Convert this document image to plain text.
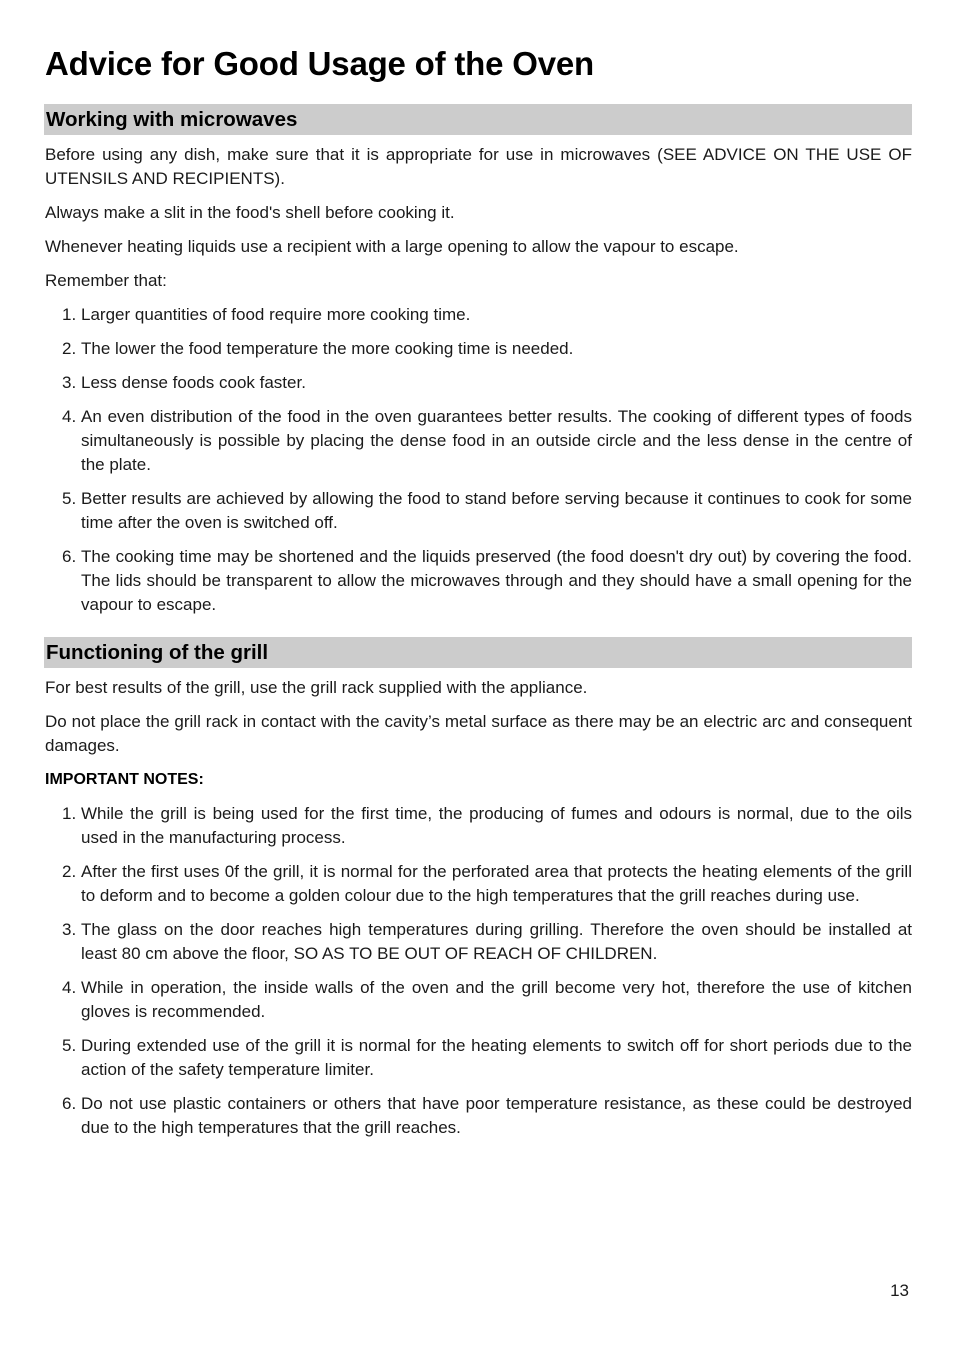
Advice for Good Usage of the Oven
Working with microwaves

Before using any dish, make sure that it is appropriate for use in microwaves (SEE ADVICE ON THE USE OF UTENSILS AND RECIPIENTS).

Always make a slit in the food's shell before cooking it.

Whenever heating liquids use a recipient with a large opening to allow the vapour to escape.

Remember that:

1. Larger quantities of food require more cooking time.
2. The lower the food temperature the more cooking time is needed.
3. Less dense foods cook faster.
4. An even distribution of the food in the oven guarantees better results. The cooking of different types of foods simultaneously is possible by placing the dense food in an outside circle and the less dense in the centre of the plate.
5. Better results are achieved by allowing the food to stand before serving because it continues to cook for some time after the oven is switched off.
6. The cooking time may be shortened and the liquids preserved (the food doesn't dry out) by covering the food. The lids should be transparent to allow the microwaves through and they should have a small opening for the vapour to escape.
Functioning of the grill

For best results of the grill, use the grill rack supplied with the appliance.

Do not place the grill rack in contact with the cavity’s metal surface as there may be an electric arc and consequent damages.

IMPORTANT NOTES:
1. While the grill is being used for the first time, the producing of fumes and odours is normal, due to the oils used in the manufacturing process.
2. After the first uses 0f the grill, it is normal for the perforated area that protects the heating elements of the grill to deform and to become a golden colour due to the high temperatures that the grill reaches during use.
3. The glass on the door reaches high temperatures during grilling. Therefore the oven should be installed at least 80 cm above the floor, SO AS TO BE OUT OF REACH OF CHILDREN.
4. While in operation, the inside walls of the oven and the grill become very hot, therefore the use of kitchen gloves is recommended.
5. During extended use of the grill it is normal for the heating elements to switch off for short periods due to the action of the safety temperature limiter.
6. Do not use plastic containers or others that have poor temperature resistance, as these could be destroyed due to the high temperatures that the grill reaches.
13
